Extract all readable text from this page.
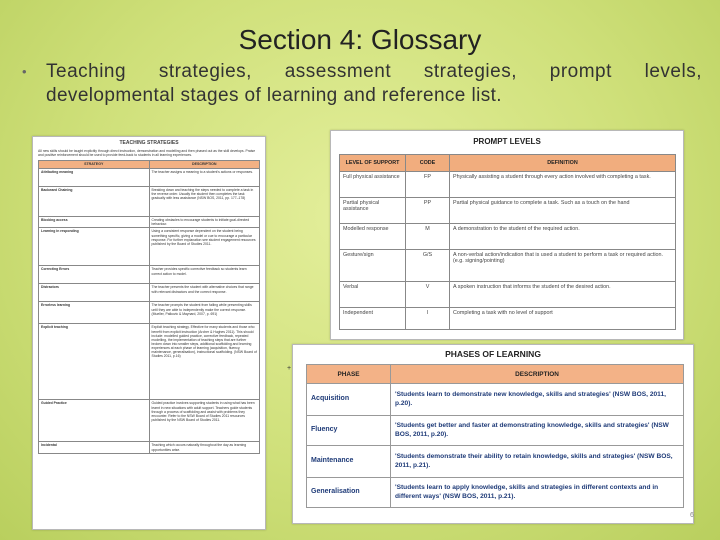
Section 4: Glossary
• Teaching strategies, assessment strategies, prompt levels,
developmental stages of learning and reference list.
TEACHING STRATEGIES
All new skills should be taught explicitly through direct instruction, demonstration and modelling and then phased out as the skill develops. Praise and positive reinforcement should be used to provide feed-back to students in all learning experiences.
STRATEGY	DESCRIPTION
Attributing meaning	The teacher assigns a meaning to a student's actions or responses.
Backward Chaining	Breaking down and teaching the steps needed to complete a task in the reverse order. Usually the student then completes the task gradually with less assistance (NSW BOS, 2011, pp. 177–178)
Blocking access	Creating obstacles to encourage students to initiate goal-directed behaviour.
Learning in responding	Using a consistent response dependent on the student being something specific, giving a model or cue to encourage a particular response. For further explanation see student engagement resources published by the Board of Studies 2011.
Correcting Errors	Teacher provides specific corrective feedback so students learn correct action to model.
Distractors	The teacher presents the student with alternative choices that range with relevant distractors and the correct response.
Errorless learning	The teacher prompts the student from failing while presenting skills until they are able to independently make the correct response. (Mueller, Palkovic & Maynard, 2007, p. 691)
Explicit teaching	Explicit teaching strategy. Effective for many students and those who benefit from explicit instruction (Archer & Hughes 2011). This should include: modelled guided practice, corrective feedback, repeated modelling, the implementation of teaching steps that are further broken down into smaller steps, additional scaffolding and learning experiences at each phase of learning (acquisition, fluency, maintenance, generalisation), instructional scaffolding. (NSW Board of Studies 2011, p.16)
Guided Practice	Guided practice involves supporting students in using what has been learnt in new situations with adult support. Teachers guide students through a process of scaffolding and assist with problems they encounter. Refer to the NSW Board of Studies 2011 resources published by the NSW Board of Studies 2011.
Incidental	Teaching which occurs naturally throughout the day as learning opportunities arise.
PROMPT LEVELS
LEVEL OF SUPPORT	CODE	DEFINITION
Full physical assistance	FP	Physically assisting a student through every action involved with completing a task.
Partial physical assistance	PP	Partial physical guidance to complete a task. Such as a touch on the hand
Modelled response	M	A demonstration to the student of the required action.
Gesture/sign	G/S	A non-verbal action/indication that is used a student to perform a task or required action. (e.g. signing/pointing)
Verbal	V	A spoken instruction that informs the student of the desired action.
Independent	I	Completing a task with no level of support
+
PHASES OF LEARNING
PHASE	DESCRIPTION
Acquisition	'Students learn to demonstrate new knowledge, skills and strategies' (NSW BOS, 2011, p.20).
Fluency	'Students get better and faster at demonstrating knowledge, skills and strategies' (NSW BOS, 2011, p.20).
Maintenance	'Students demonstrate their ability to retain knowledge, skills and strategies' (NSW BOS, 2011, p.21).
Generalisation	'Students learn to apply knowledge, skills and strategies in different contexts and in different ways' (NSW BOS, 2011, p.21).
6
